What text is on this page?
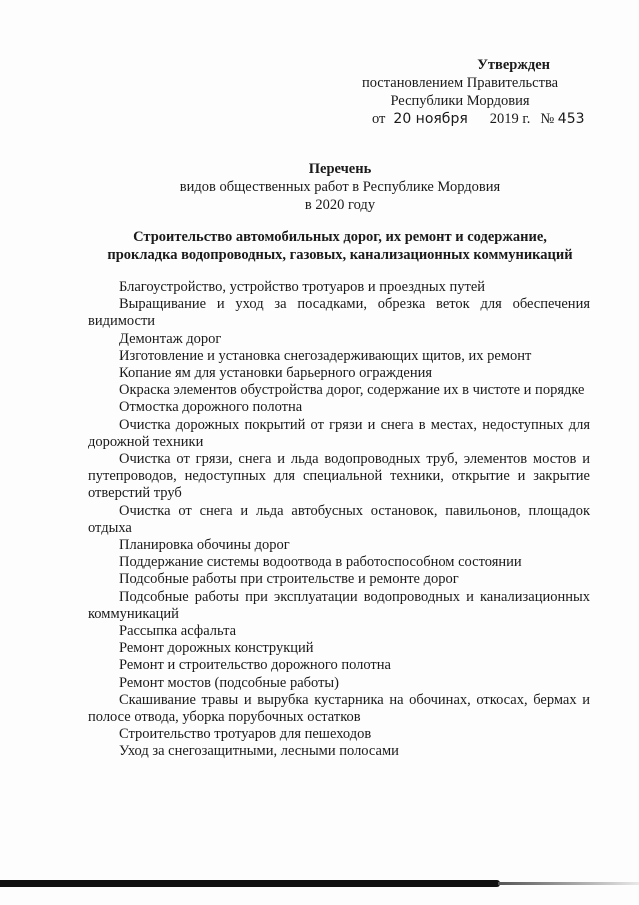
Утвержден
постановлением Правительства
Республики Мордовия
от 20 ноября 2019 г. № 453
Перечень
видов общественных работ в Республике Мордовия
в 2020 году
Строительство автомобильных дорог, их ремонт и содержание,
прокладка водопроводных, газовых, канализационных коммуникаций
Благоустройство, устройство тротуаров и проездных путей
Выращивание и уход за посадками, обрезка веток для обеспечения видимости
Демонтаж дорог
Изготовление и установка снегозадерживающих щитов, их ремонт
Копание ям для установки барьерного ограждения
Окраска элементов обустройства дорог, содержание их в чистоте и порядке
Отмостка дорожного полотна
Очистка дорожных покрытий от грязи и снега в местах, недоступных для дорожной техники
Очистка от грязи, снега и льда водопроводных труб, элементов мостов и путепроводов, недоступных для специальной техники, открытие и закрытие отверстий труб
Очистка от снега и льда автобусных остановок, павильонов, площадок отдыха
Планировка обочины дорог
Поддержание системы водоотвода в работоспособном состоянии
Подсобные работы при строительстве и ремонте дорог
Подсобные работы при эксплуатации водопроводных и канализационных коммуникаций
Рассыпка асфальта
Ремонт дорожных конструкций
Ремонт и строительство дорожного полотна
Ремонт мостов (подсобные работы)
Скашивание травы и вырубка кустарника на обочинах, откосах, бермах и полосе отвода, уборка порубочных остатков
Строительство тротуаров для пешеходов
Уход за снегозащитными, лесными полосами
